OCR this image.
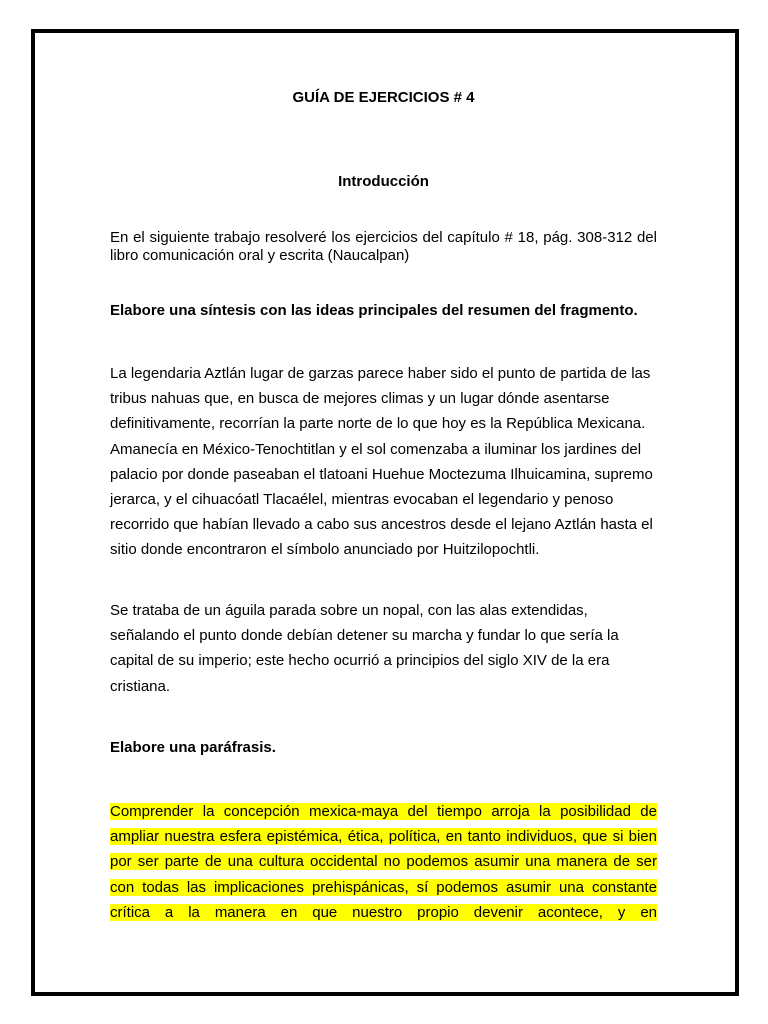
GUÍA DE EJERCICIOS # 4
Introducción

En el siguiente trabajo resolveré los ejercicios del capítulo # 18, pág. 308-312 del libro comunicación oral y escrita (Naucalpan)

Elabore una síntesis con las ideas principales del resumen del fragmento.

La legendaria Aztlán lugar de garzas parece haber sido el punto de partida de las tribus nahuas que, en busca de mejores climas y un lugar dónde asentarse definitivamente, recorrían la parte norte de lo que hoy es la República Mexicana. Amanecía en México-Tenochtitlan y el sol comenzaba a iluminar los jardines del palacio por donde paseaban el tlatoani Huehue Moctezuma Ilhuicamina, supremo jerarca, y el cihuacóatl Tlacaélel, mientras evocaban el legendario y penoso recorrido que habían llevado a cabo sus ancestros desde el lejano Aztlán hasta el sitio donde encontraron el símbolo anunciado por Huitzilopochtli.

Se trataba de un águila parada sobre un nopal, con las alas extendidas, señalando el punto donde debían detener su marcha y fundar lo que sería la capital de su imperio; este hecho ocurrió a principios del siglo XIV de la era cristiana.

Elabore una paráfrasis.

Comprender la concepción mexica-maya del tiempo arroja la posibilidad de ampliar nuestra esfera epistémica, ética, política, en tanto individuos, que si bien por ser parte de una cultura occidental no podemos asumir una manera de ser con todas las implicaciones prehispánicas, sí podemos asumir una constante crítica a la manera en que nuestro propio devenir acontece, y en
